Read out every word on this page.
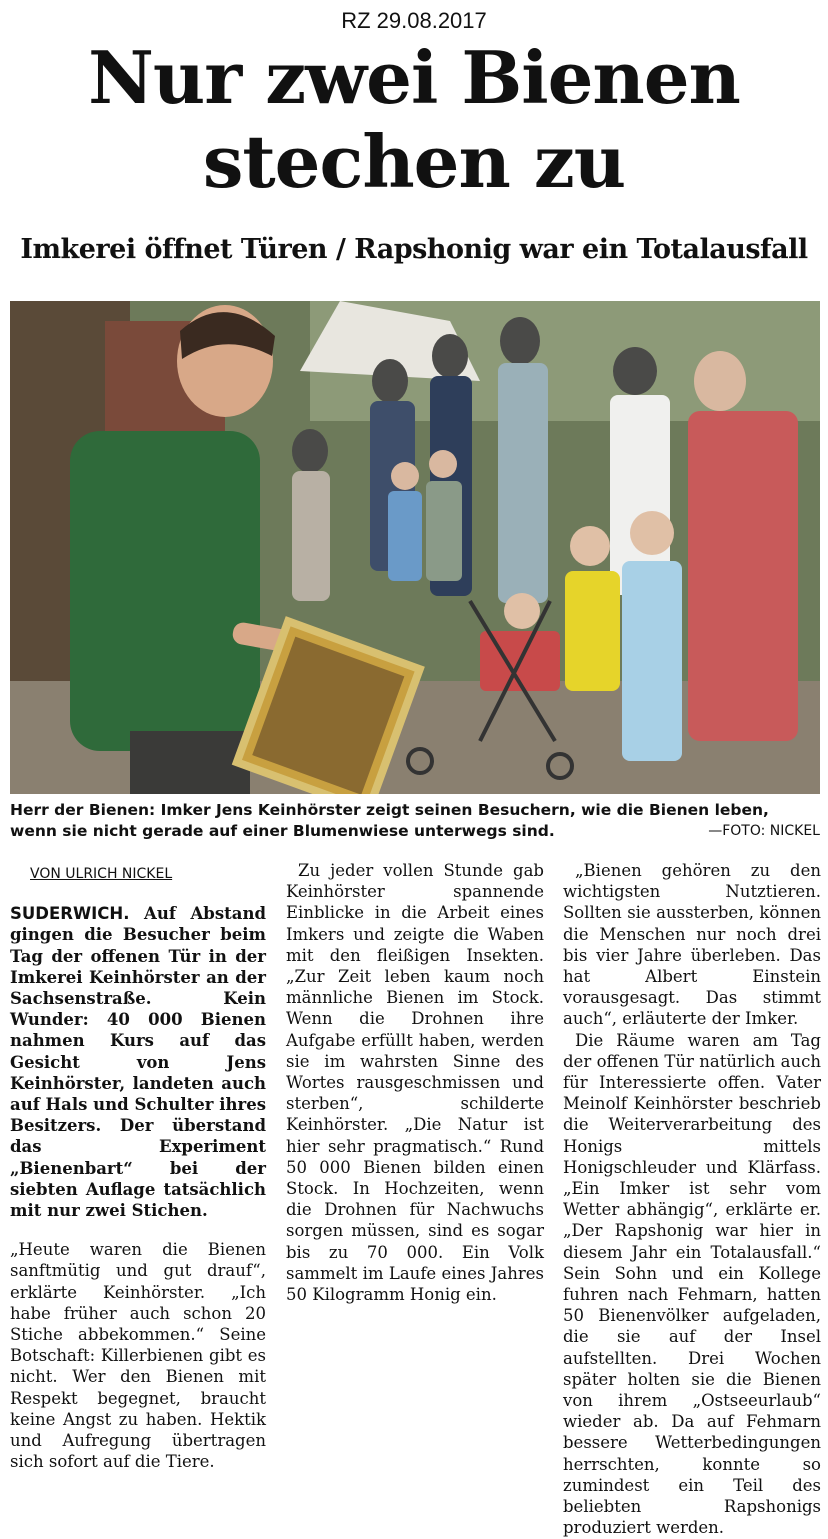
RZ 29.08.2017
Nur zwei Bienen
stechen zu
Imkerei öffnet Türen / Rapshonig war ein Totalausfall
Herr der Bienen: Imker Jens Keinhörster zeigt seinen Besuchern, wie die Bienen leben, wenn sie nicht gerade auf einer Blumenwiese unterwegs sind.	—FOTO: NICKEL
VON ULRICH NICKEL

SUDERWICH. Auf Abstand gingen die Besucher beim Tag der offenen Tür in der Imkerei Keinhörster an der Sachsenstraße. Kein Wunder: 40 000 Bienen nahmen Kurs auf das Gesicht von Jens Keinhörster, landeten auch auf Hals und Schulter ihres Besitzers. Der überstand das Experiment „Bienenbart“ bei der siebten Auflage tatsächlich mit nur zwei Stichen.

„Heute waren die Bienen sanftmütig und gut drauf“, erklärte Keinhörster. „Ich habe früher auch schon 20 Stiche abbekommen.“ Seine Botschaft: Killerbienen gibt es nicht. Wer den Bienen mit Respekt begegnet, braucht keine Angst zu haben. Hektik und Aufregung übertragen sich sofort auf die Tiere.

Zu jeder vollen Stunde gab Keinhörster spannende Einblicke in die Arbeit eines Imkers und zeigte die Waben mit den fleißigen Insekten. „Zur Zeit leben kaum noch männliche Bienen im Stock. Wenn die Drohnen ihre Aufgabe erfüllt haben, werden sie im wahrsten Sinne des Wortes rausgeschmissen und sterben“, schilderte Keinhörster. „Die Natur ist hier sehr pragmatisch.“ Rund 50 000 Bienen bilden einen Stock. In Hochzeiten, wenn die Drohnen für Nachwuchs sorgen müssen, sind es sogar bis zu 70 000. Ein Volk sammelt im Laufe eines Jahres 50 Kilogramm Honig ein.

„Bienen gehören zu den wichtigsten Nutztieren. Sollten sie aussterben, können die Menschen nur noch drei bis vier Jahre überleben. Das hat Albert Einstein vorausgesagt. Das stimmt auch“, erläuterte der Imker.

Die Räume waren am Tag der offenen Tür natürlich auch für Interessierte offen. Vater Meinolf Keinhörster beschrieb die Weiterverarbeitung des Honigs mittels Honigschleuder und Klärfass. „Ein Imker ist sehr vom Wetter abhängig“, erklärte er. „Der Rapshonig war hier in diesem Jahr ein Totalausfall.“ Sein Sohn und ein Kollege fuhren nach Fehmarn, hatten 50 Bienenvölker aufgeladen, die sie auf der Insel aufstellten. Drei Wochen später holten sie die Bienen von ihrem „Ostseeurlaub“ wieder ab. Da auf Fehmarn bessere Wetterbedingungen herrschten, konnte so zumindest ein Teil des beliebten Rapshonigs produziert werden.
